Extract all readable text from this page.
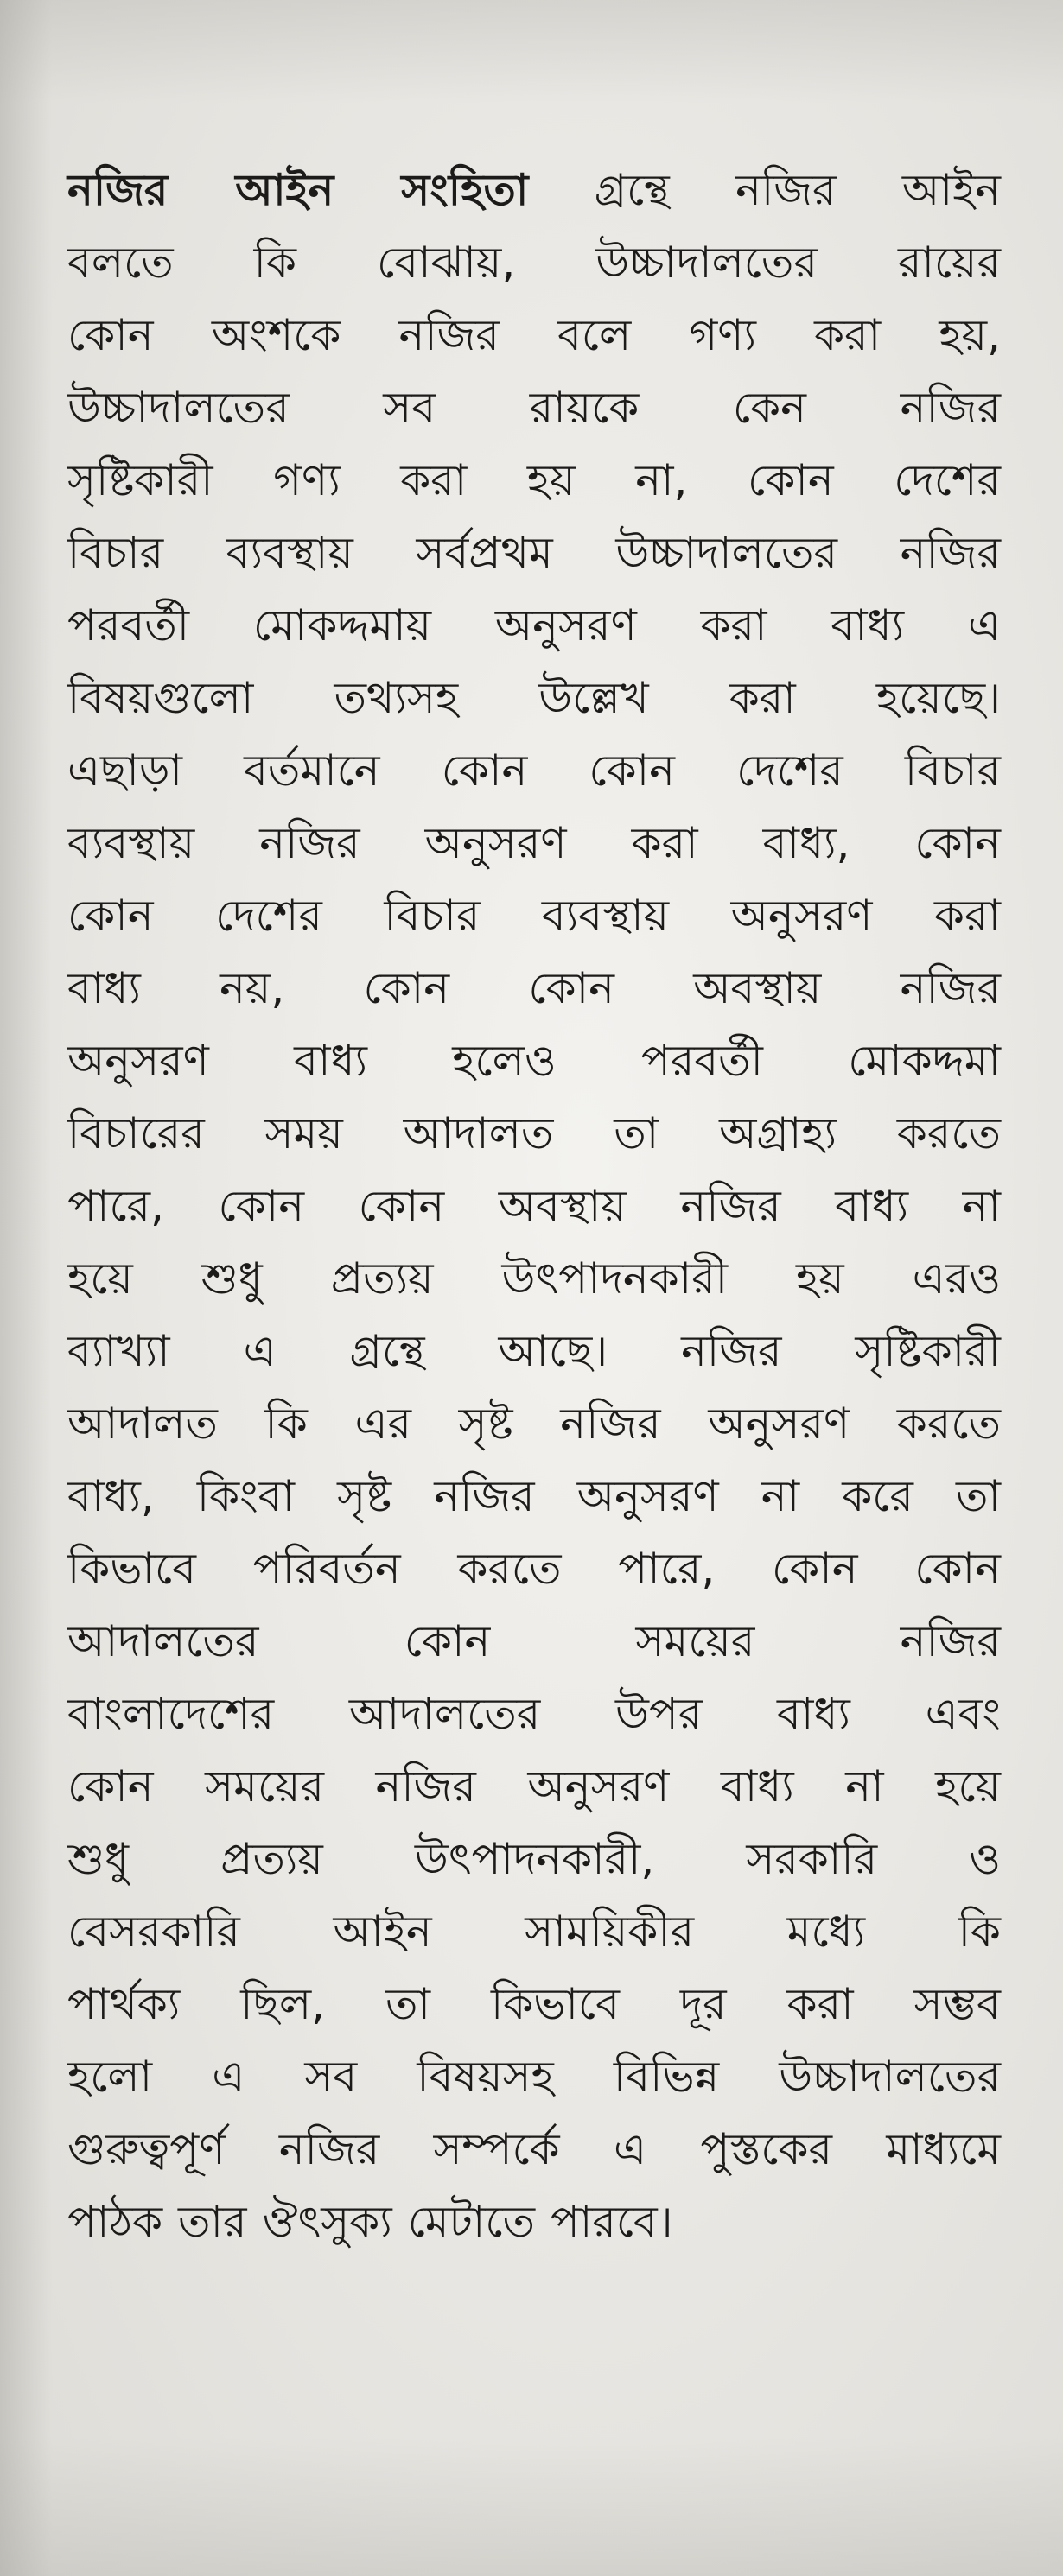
নজির আইন সংহিতা গ্রন্থে নজির আইন
বলতে কি বোঝায়, উচ্চাদালতের রায়ের
কোন অংশকে নজির বলে গণ্য করা হয়,
উচ্চাদালতের সব রায়কে কেন নজির
সৃষ্টিকারী গণ্য করা হয় না, কোন দেশের
বিচার ব্যবস্থায় সর্বপ্রথম উচ্চাদালতের নজির
পরবর্তী মোকদ্দমায় অনুসরণ করা বাধ্য এ
বিষয়গুলো তথ্যসহ উল্লেখ করা হয়েছে।
এছাড়া বর্তমানে কোন কোন দেশের বিচার
ব্যবস্থায় নজির অনুসরণ করা বাধ্য, কোন
কোন দেশের বিচার ব্যবস্থায় অনুসরণ করা
বাধ্য নয়, কোন কোন অবস্থায় নজির
অনুসরণ বাধ্য হলেও পরবর্তী মোকদ্দমা
বিচারের সময় আদালত তা অগ্রাহ্য করতে
পারে, কোন কোন অবস্থায় নজির বাধ্য না
হয়ে শুধু প্রত্যয় উৎপাদনকারী হয় এরও
ব্যাখ্যা এ গ্রন্থে আছে। নজির সৃষ্টিকারী
আদালত কি এর সৃষ্ট নজির অনুসরণ করতে
বাধ্য, কিংবা সৃষ্ট নজির অনুসরণ না করে তা
কিভাবে পরিবর্তন করতে পারে, কোন কোন
আদালতের কোন সময়ের নজির
বাংলাদেশের আদালতের উপর বাধ্য এবং
কোন সময়ের নজির অনুসরণ বাধ্য না হয়ে
শুধু প্রত্যয় উৎপাদনকারী, সরকারি ও
বেসরকারি আইন সাময়িকীর মধ্যে কি
পার্থক্য ছিল, তা কিভাবে দূর করা সম্ভব
হলো এ সব বিষয়সহ বিভিন্ন উচ্চাদালতের
গুরুত্বপূর্ণ নজির সম্পর্কে এ পুস্তকের মাধ্যমে
পাঠক তার ঔৎসুক্য মেটাতে পারবে।
